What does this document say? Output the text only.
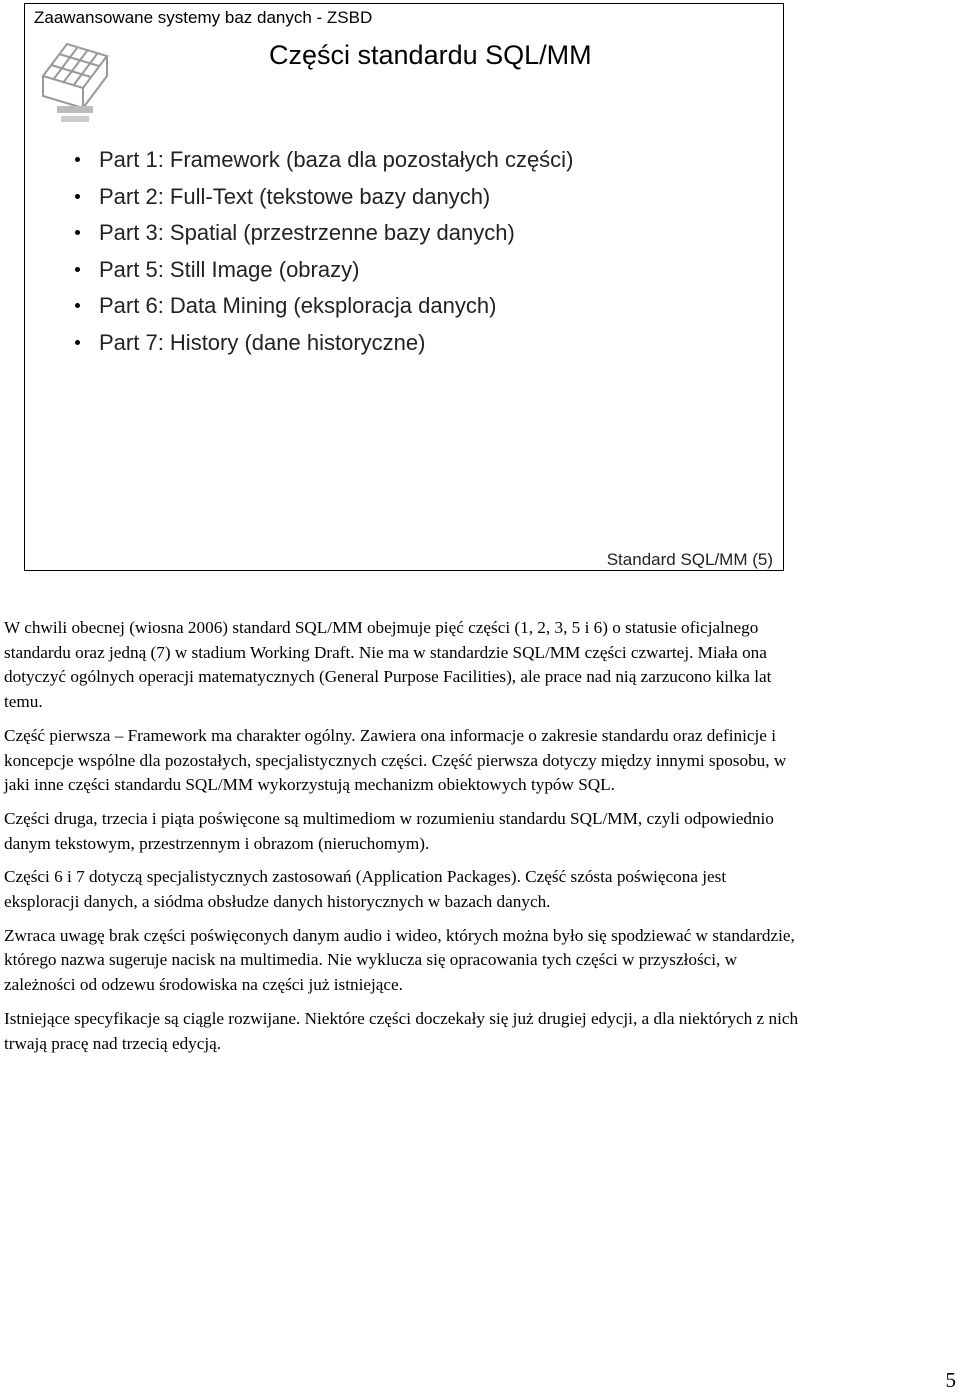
Zaawansowane systemy baz danych - ZSBD
Części standardu SQL/MM
Part 1: Framework (baza dla pozostałych części)
Part 2: Full-Text (tekstowe bazy danych)
Part 3: Spatial (przestrzenne bazy danych)
Part 5: Still Image (obrazy)
Part 6: Data Mining (eksploracja danych)
Part 7: History (dane historyczne)
Standard SQL/MM (5)

W chwili obecnej (wiosna 2006) standard SQL/MM obejmuje pięć części (1, 2, 3, 5 i 6) o statusie oficjalnego standardu oraz jedną (7) w stadium Working Draft. Nie ma w standardzie SQL/MM części czwartej. Miała ona dotyczyć ogólnych operacji matematycznych (General Purpose Facilities), ale prace nad nią zarzucono kilka lat temu.

Część pierwsza – Framework ma charakter ogólny. Zawiera ona informacje o zakresie standardu oraz definicje i koncepcje wspólne dla pozostałych, specjalistycznych części. Część pierwsza dotyczy między innymi sposobu, w jaki inne części standardu SQL/MM wykorzystują mechanizm obiektowych typów SQL.

Części druga, trzecia i piąta poświęcone są multimediom w rozumieniu standardu SQL/MM, czyli odpowiednio danym tekstowym, przestrzennym i obrazom (nieruchomym).

Części 6 i 7 dotyczą specjalistycznych zastosowań (Application Packages). Część szósta poświęcona jest eksploracji danych, a siódma obsłudze danych historycznych w bazach danych.

Zwraca uwagę brak części poświęconych danym audio i wideo, których można było się spodziewać w standardzie, którego nazwa sugeruje nacisk na multimedia. Nie wyklucza się opracowania tych części w przyszłości, w zależności od odzewu środowiska na części już istniejące.

Istniejące specyfikacje są ciągle rozwijane. Niektóre części doczekały się już drugiej edycji, a dla niektórych z nich trwają pracę nad trzecią edycją.

5
